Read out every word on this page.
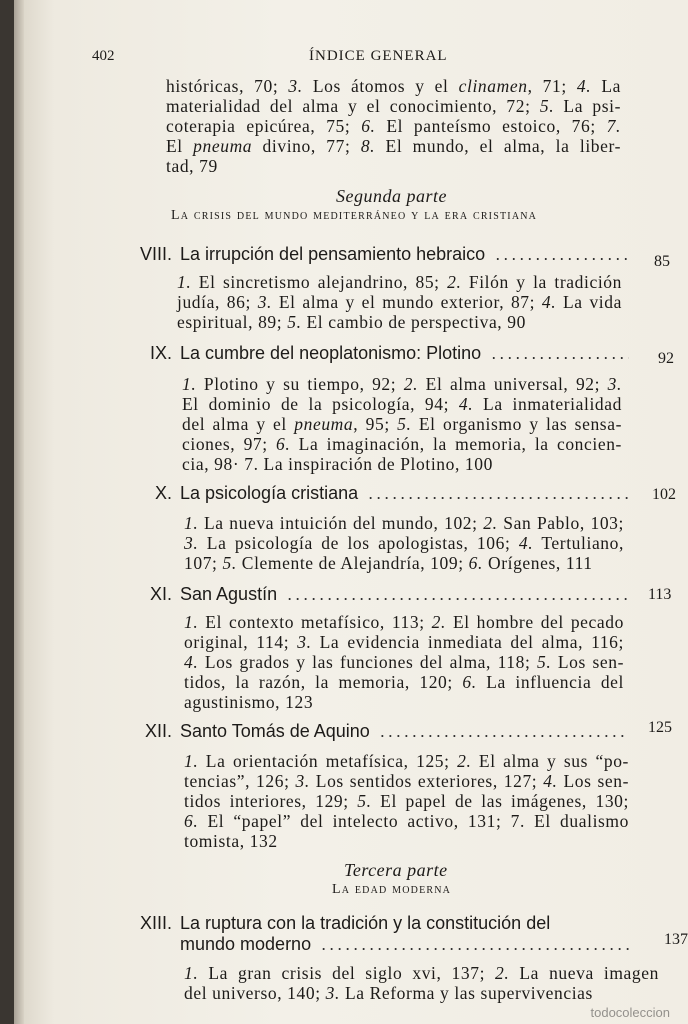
402	ÍNDICE GENERAL
históricas, 70; 3. Los átomos y el clinamen, 71; 4. La
materialidad del alma y el conocimiento, 72; 5. La psi-
coterapia epicúrea, 75; 6. El panteísmo estoico, 76; 7.
El pneuma divino, 77; 8. El mundo, el alma, la liber-
tad, 79
Segunda parte
La crisis del mundo mediterráneo y la era cristiana
VIII. La irrupción del pensamiento hebraico .....	85
1. El sincretismo alejandrino, 85; 2. Filón y la tradición
judía, 86; 3. El alma y el mundo exterior, 87; 4. La vida
espiritual, 89; 5. El cambio de perspectiva, 90
IX. La cumbre del neoplatonismo: Plotino .....	92
1. Plotino y su tiempo, 92; 2. El alma universal, 92; 3.
El dominio de la psicología, 94; 4. La inmaterialidad
del alma y el pneuma, 95; 5. El organismo y las sensa-
ciones, 97; 6. La imaginación, la memoria, la concien-
cia, 98· 7. La inspiración de Plotino, 100
X. La psicología cristiana .....	102
1. La nueva intuición del mundo, 102; 2. San Pablo, 103;
3. La psicología de los apologistas, 106; 4. Tertuliano,
107; 5. Clemente de Alejandría, 109; 6. Orígenes, 111
XI. San Agustín .....	113
1. El contexto metafísico, 113; 2. El hombre del pecado
original, 114; 3. La evidencia inmediata del alma, 116;
4. Los grados y las funciones del alma, 118; 5. Los sen-
tidos, la razón, la memoria, 120; 6. La influencia del
agustinismo, 123
XII. Santo Tomás de Aquino .....	125
1. La orientación metafísica, 125; 2. El alma y sus “po-
tencias”, 126; 3. Los sentidos exteriores, 127; 4. Los sen-
tidos interiores, 129; 5. El papel de las imágenes, 130;
6. El “papel” del intelecto activo, 131; 7. El dualismo
tomista, 132
Tercera parte
La edad moderna
XIII. La ruptura con la tradición y la constitución del
mundo moderno .....	137
1. La gran crisis del siglo xvi, 137; 2. La nueva imagen
del universo, 140; 3. La Reforma y las supervivencias
todocoleccion
